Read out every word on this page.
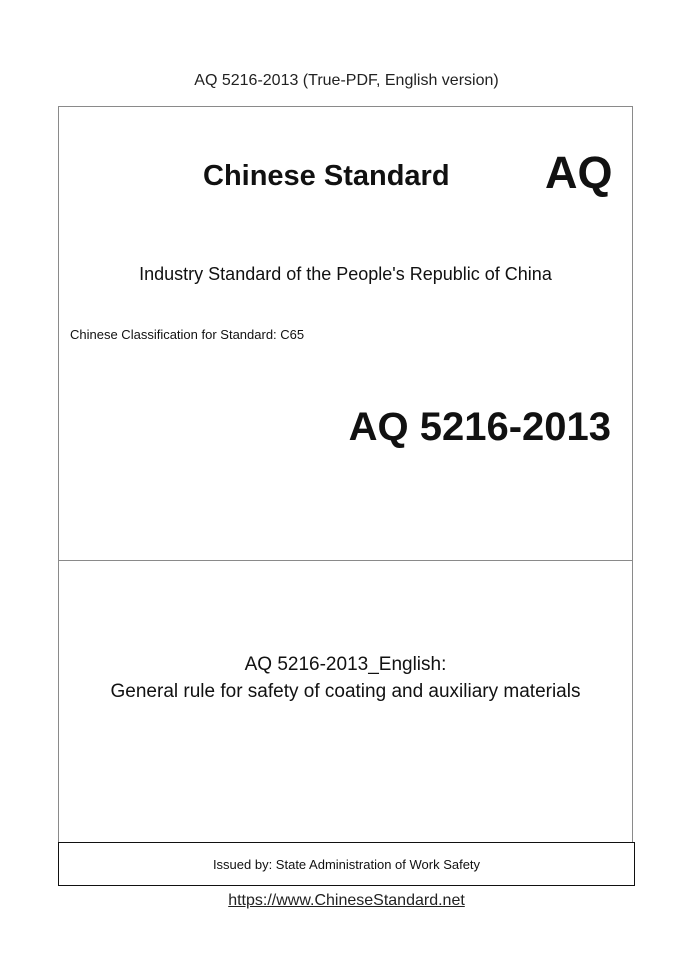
AQ 5216-2013 (True-PDF, English version)
Chinese Standard AQ
Industry Standard of the People's Republic of China
Chinese Classification for Standard: C65
AQ 5216-2013
AQ 5216-2013_English:
General rule for safety of coating and auxiliary materials
Issued by: State Administration of Work Safety
https://www.ChineseStandard.net
